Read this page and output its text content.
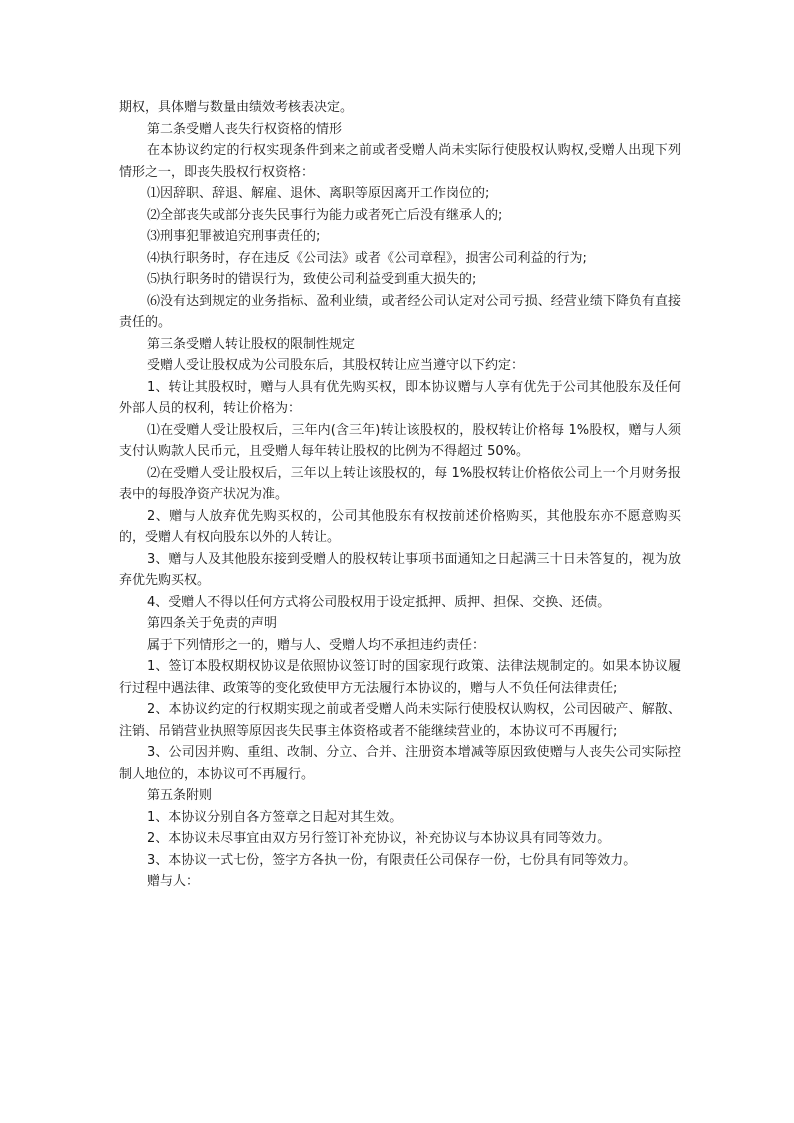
期权，具体赠与数量由绩效考核表决定。

第二条受赠人丧失行权资格的情形

在本协议约定的行权实现条件到来之前或者受赠人尚未实际行使股权认购权,受赠人出现下列情形之一，即丧失股权行权资格：

⑴因辞职、辞退、解雇、退休、离职等原因离开工作岗位的;

⑵全部丧失或部分丧失民事行为能力或者死亡后没有继承人的;

⑶刑事犯罪被追究刑事责任的;

⑷执行职务时，存在违反《公司法》或者《公司章程》，损害公司利益的行为;

⑸执行职务时的错误行为，致使公司利益受到重大损失的;

⑹没有达到规定的业务指标、盈利业绩，或者经公司认定对公司亏损、经营业绩下降负有直接责任的。

第三条受赠人转让股权的限制性规定

受赠人受让股权成为公司股东后，其股权转让应当遵守以下约定：

1、转让其股权时，赠与人具有优先购买权，即本协议赠与人享有优先于公司其他股东及任何外部人员的权利，转让价格为：

⑴在受赠人受让股权后，三年内(含三年)转让该股权的，股权转让价格每 1%股权，赠与人须支付认购款人民币元，且受赠人每年转让股权的比例为不得超过 50%。

⑵在受赠人受让股权后，三年以上转让该股权的，每 1%股权转让价格依公司上一个月财务报表中的每股净资产状况为准。

2、赠与人放弃优先购买权的，公司其他股东有权按前述价格购买，其他股东亦不愿意购买的，受赠人有权向股东以外的人转让。

3、赠与人及其他股东接到受赠人的股权转让事项书面通知之日起满三十日未答复的，视为放弃优先购买权。

4、受赠人不得以任何方式将公司股权用于设定抵押、质押、担保、交换、还债。

第四条关于免责的声明

属于下列情形之一的，赠与人、受赠人均不承担违约责任：

1、签订本股权期权协议是依照协议签订时的国家现行政策、法律法规制定的。如果本协议履行过程中遇法律、政策等的变化致使甲方无法履行本协议的，赠与人不负任何法律责任;

2、本协议约定的行权期实现之前或者受赠人尚未实际行使股权认购权，公司因破产、解散、注销、吊销营业执照等原因丧失民事主体资格或者不能继续营业的，本协议可不再履行;

3、公司因并购、重组、改制、分立、合并、注册资本增减等原因致使赠与人丧失公司实际控制人地位的，本协议可不再履行。

第五条附则

1、本协议分别自各方签章之日起对其生效。

2、本协议未尽事宜由双方另行签订补充协议，补充协议与本协议具有同等效力。

3、本协议一式七份，签字方各执一份，有限责任公司保存一份，七份具有同等效力。

赠与人：
